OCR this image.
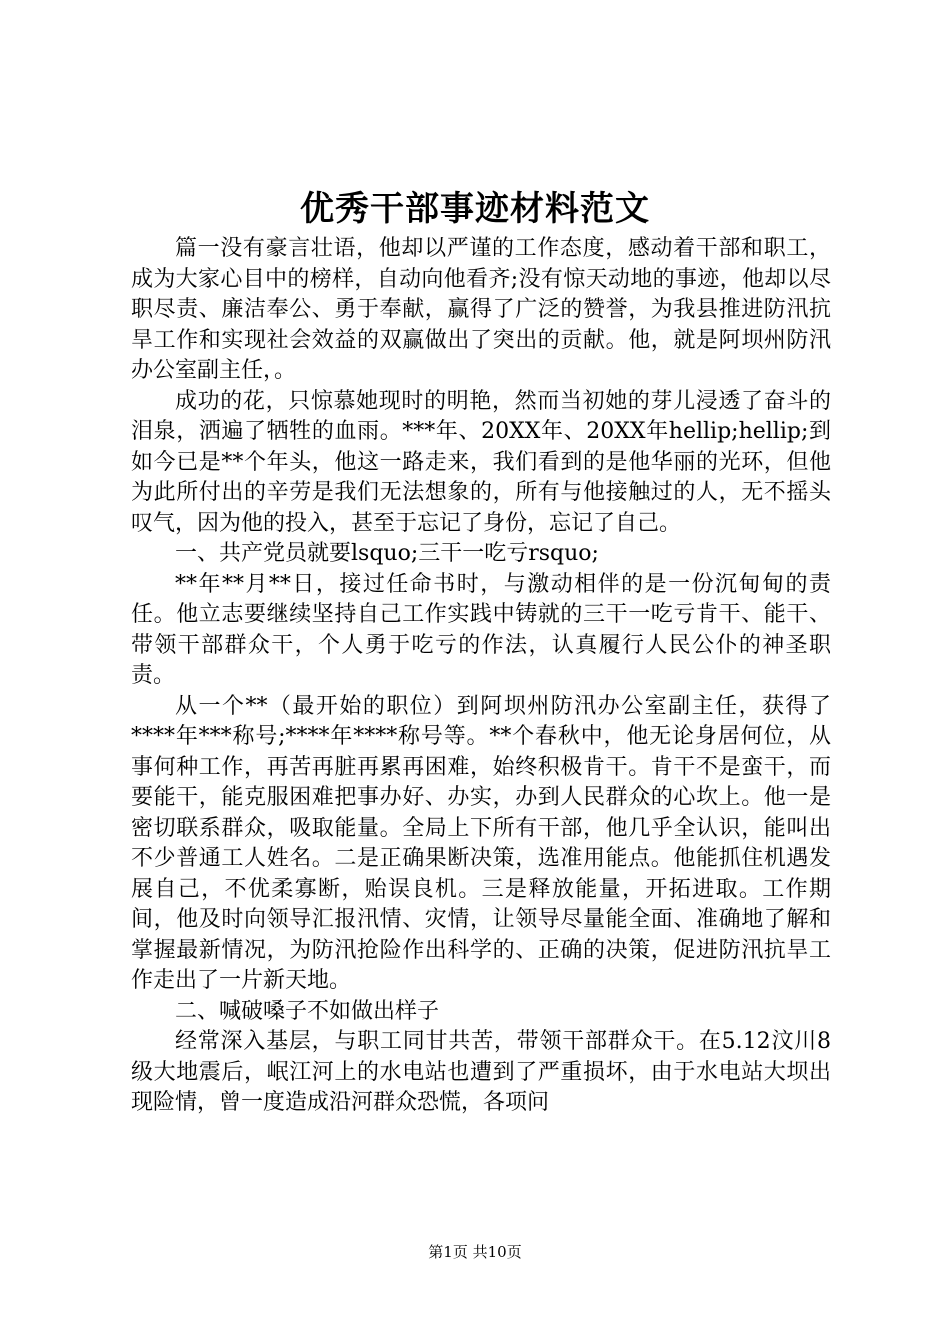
优秀干部事迹材料范文

篇一没有豪言壮语，他却以严谨的工作态度，感动着干部和职工，成为大家心目中的榜样，自动向他看齐;没有惊天动地的事迹，他却以尽职尽责、廉洁奉公、勇于奉献，赢得了广泛的赞誉，为我县推进防汛抗旱工作和实现社会效益的双赢做出了突出的贡献。他，就是阿坝州防汛办公室副主任，。

成功的花，只惊慕她现时的明艳，然而当初她的芽儿浸透了奋斗的泪泉，洒遍了牺牲的血雨。***年、20XX年、20XX年hellip;hellip;到如今已是**个年头，他这一路走来，我们看到的是他华丽的光环，但他为此所付出的辛劳是我们无法想象的，所有与他接触过的人，无不摇头叹气，因为他的投入，甚至于忘记了身份，忘记了自己。

一、共产党员就要lsquo;三干一吃亏rsquo;

**年**月**日，接过任命书时，与激动相伴的是一份沉甸甸的责任。他立志要继续坚持自己工作实践中铸就的三干一吃亏肯干、能干、带领干部群众干，个人勇于吃亏的作法，认真履行人民公仆的神圣职责。

从一个**（最开始的职位）到阿坝州防汛办公室副主任，获得了****年***称号;****年****称号等。**个春秋中，他无论身居何位，从事何种工作，再苦再脏再累再困难，始终积极肯干。肯干不是蛮干，而要能干，能克服困难把事办好、办实，办到人民群众的心坎上。他一是密切联系群众，吸取能量。全局上下所有干部，他几乎全认识，能叫出不少普通工人姓名。二是正确果断决策，选准用能点。他能抓住机遇发展自己，不优柔寡断，贻误良机。三是释放能量，开拓进取。工作期间，他及时向领导汇报汛情、灾情，让领导尽量能全面、准确地了解和掌握最新情况，为防汛抢险作出科学的、正确的决策，促进防汛抗旱工作走出了一片新天地。

二、喊破嗓子不如做出样子

经常深入基层，与职工同甘共苦，带领干部群众干。在5.12汶川8级大地震后，岷江河上的水电站也遭到了严重损坏，由于水电站大坝出现险情，曾一度造成沿河群众恐慌，各项问

第1页 共10页
